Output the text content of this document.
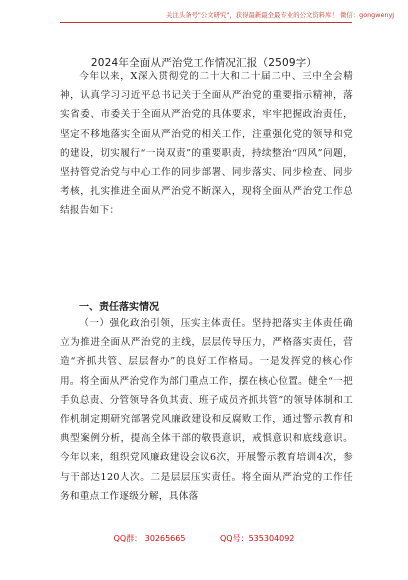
关注头条号"公文研究"，获得最新最全最专业的公文资料库！ 微信：gongwenyj
2024年全面从严治党工作情况汇报（2509字）

今年以来，X深入贯彻党的二十大和二十届二中、三中全会精神，认真学习习近平总书记关于全面从严治党的重要指示精神，落实省委、市委关于全面从严治党的具体要求，牢牢把握政治责任，坚定不移地落实全面从严治党的相关工作，注重强化党的领导和党的建设，切实履行“一岗双责”的重要职责，持续整治“四风”问题，坚持管党治党与中心工作的同步部署、同步落实、同步检查、同步考核，扎实推进全面从严治党不断深入，现将全面从严治党工作总结报告如下：

一、责任落实情况

（一）强化政治引领，压实主体责任。坚持把落实主体责任确立为推进全面从严治党的主线，层层传导压力，严格落实责任，营造“齐抓共管、层层督办”的良好工作格局。一是发挥党的核心作用。将全面从严治党作为部门重点工作，摆在核心位置。健全“一把手负总责、分管领导各负其责、班子成员齐抓共管”的领导体制和工作机制定期研究部署党风廉政建设和反腐败工作，通过警示教育和典型案例分析，提高全体干部的敬畏意识，戒惧意识和底线意识。今年以来，组织党风廉政建设会议6次，开展警示教育培训4次，参与干部达120人次。二是层层压实责任。将全面从严治党的工作任务和重点工作逐级分解，具体落

QQ群： 30265665	QQ号：535304092
